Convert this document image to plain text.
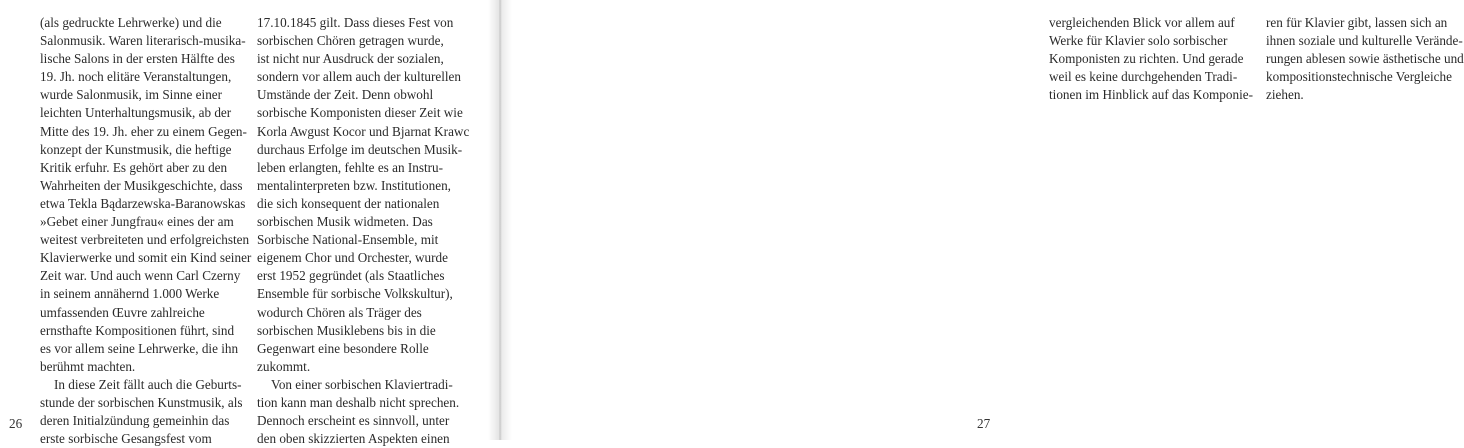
(als gedruckte Lehrwerke) und die
Salonmusik. Waren literarisch-musika-
lische Salons in der ersten Hälfte des
19. Jh. noch elitäre Veranstaltungen,
wurde Salonmusik, im Sinne einer
leichten Unterhaltungsmusik, ab der
Mitte des 19. Jh. eher zu einem Gegen-
konzept der Kunstmusik, die heftige
Kritik erfuhr. Es gehört aber zu den
Wahrheiten der Musikgeschichte, dass
etwa Tekla Bądarzewska-Baranowskas
»Gebet einer Jungfrau« eines der am
weitest verbreiteten und erfolgreichsten
Klavierwerke und somit ein Kind seiner
Zeit war. Und auch wenn Carl Czerny
in seinem annähernd 1.000 Werke
umfassenden Œuvre zahlreiche
ernsthafte Kompositionen führt, sind
es vor allem seine Lehrwerke, die ihn
berühmt machten.
In diese Zeit fällt auch die Geburts-
stunde der sorbischen Kunstmusik, als
deren Initialzündung gemeinhin das
erste sorbische Gesangsfest vom
17.10.1845 gilt. Dass dieses Fest von
sorbischen Chören getragen wurde,
ist nicht nur Ausdruck der sozialen,
sondern vor allem auch der kulturellen
Umstände der Zeit. Denn obwohl
sorbische Komponisten dieser Zeit wie
Korla Awgust Kocor und Bjarnat Krawc
durchaus Erfolge im deutschen Musik-
leben erlangten, fehlte es an Instru-
mentalinterpreten bzw. Institutionen,
die sich konsequent der nationalen
sorbischen Musik widmeten. Das
Sorbische National-Ensemble, mit
eigenem Chor und Orchester, wurde
erst 1952 gegründet (als Staatliches
Ensemble für sorbische Volkskultur),
wodurch Chören als Träger des
sorbischen Musiklebens bis in die
Gegenwart eine besondere Rolle
zukommt.
Von einer sorbischen Klaviertradi-
tion kann man deshalb nicht sprechen.
Dennoch erscheint es sinnvoll, unter
den oben skizzierten Aspekten einen
26
vergleichenden Blick vor allem auf
Werke für Klavier solo sorbischer
Komponisten zu richten. Und gerade
weil es keine durchgehenden Tradi-
tionen im Hinblick auf das Komponie-
ren für Klavier gibt, lassen sich an
ihnen soziale und kulturelle Verände-
rungen ablesen sowie ästhetische und
kompositionstechnische Vergleiche
ziehen.
27
